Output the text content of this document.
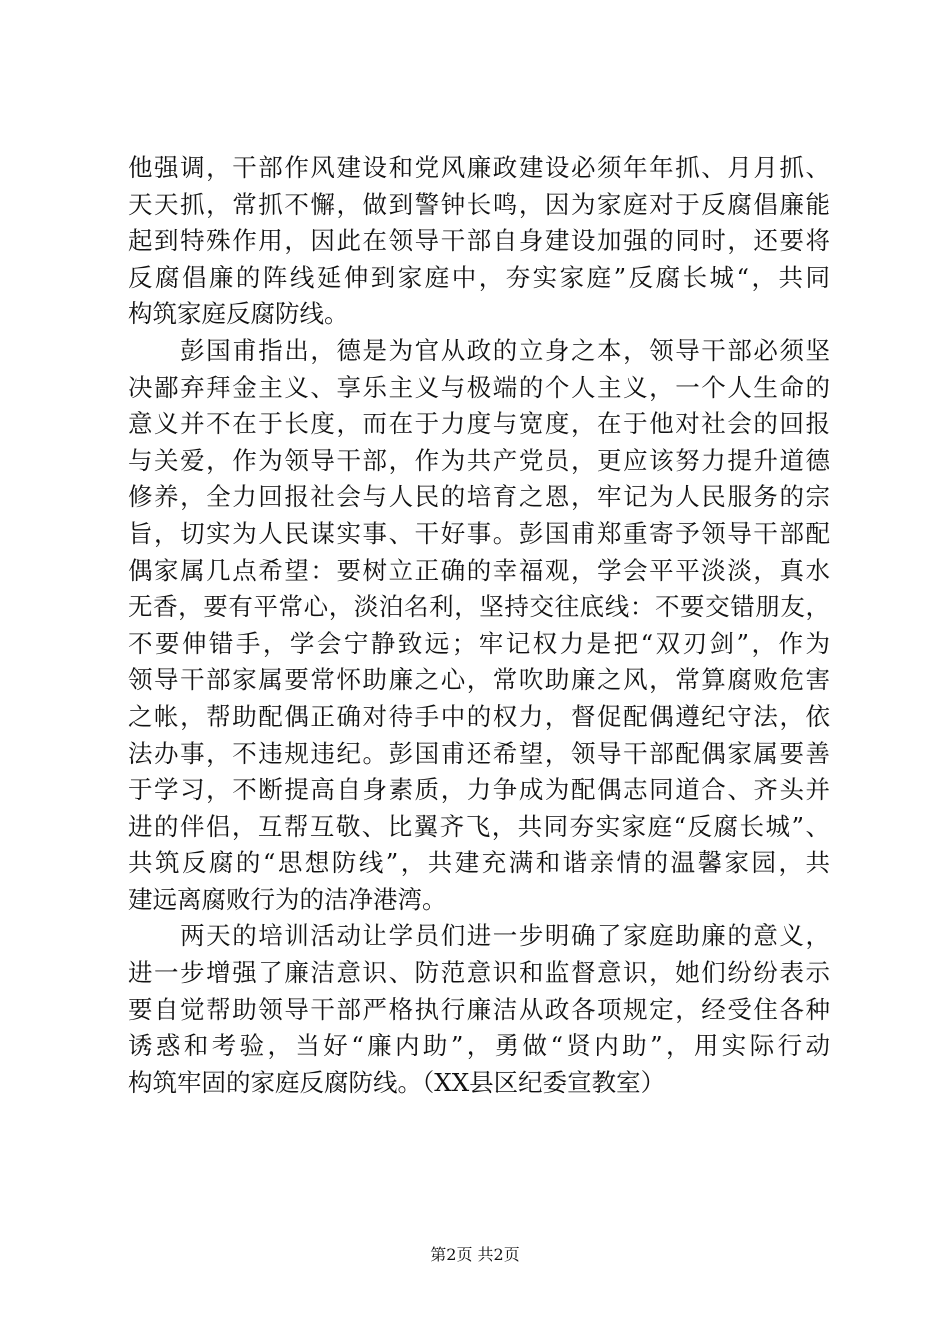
他强调，干部作风建设和党风廉政建设必须年年抓、月月抓、
天天抓，常抓不懈，做到警钟长鸣，因为家庭对于反腐倡廉能
起到特殊作用，因此在领导干部自身建设加强的同时，还要将
反腐倡廉的阵线延伸到家庭中，夯实家庭”反腐长城“，共同
构筑家庭反腐防线。
　　彭国甫指出，德是为官从政的立身之本，领导干部必须坚
决鄙弃拜金主义、享乐主义与极端的个人主义，一个人生命的
意义并不在于长度，而在于力度与宽度，在于他对社会的回报
与关爱，作为领导干部，作为共产党员，更应该努力提升道德
修养，全力回报社会与人民的培育之恩，牢记为人民服务的宗
旨，切实为人民谋实事、干好事。彭国甫郑重寄予领导干部配
偶家属几点希望：要树立正确的幸福观，学会平平淡淡，真水
无香，要有平常心，淡泊名利，坚持交往底线：不要交错朋友，
不要伸错手，学会宁静致远；牢记权力是把“双刃剑”，作为
领导干部家属要常怀助廉之心，常吹助廉之风，常算腐败危害
之帐，帮助配偶正确对待手中的权力，督促配偶遵纪守法，依
法办事，不违规违纪。彭国甫还希望，领导干部配偶家属要善
于学习，不断提高自身素质，力争成为配偶志同道合、齐头并
进的伴侣，互帮互敬、比翼齐飞，共同夯实家庭“反腐长城”、
共筑反腐的“思想防线”，共建充满和谐亲情的温馨家园，共
建远离腐败行为的洁净港湾。
　　两天的培训活动让学员们进一步明确了家庭助廉的意义，
进一步增强了廉洁意识、防范意识和监督意识，她们纷纷表示
要自觉帮助领导干部严格执行廉洁从政各项规定，经受住各种
诱惑和考验，当好“廉内助”，勇做“贤内助”，用实际行动
构筑牢固的家庭反腐防线。（XX县区纪委宣教室）
第2页 共2页
